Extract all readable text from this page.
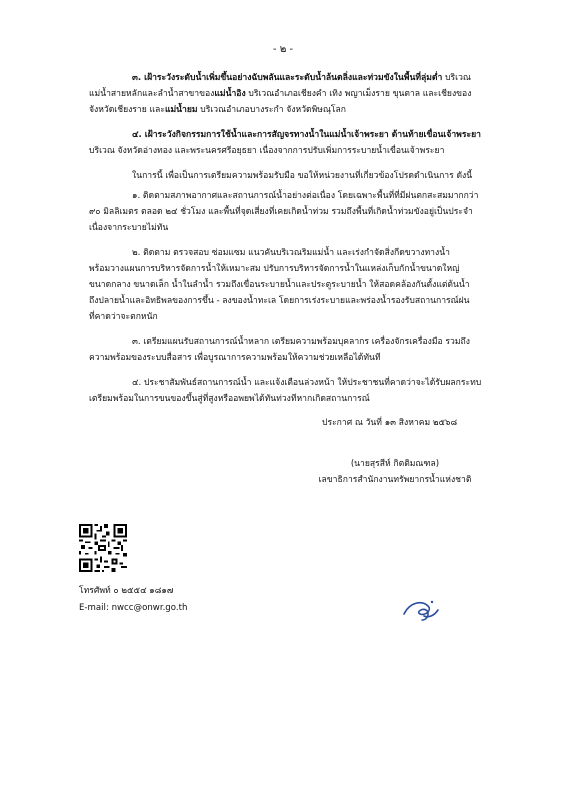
- ๒ -
๓. เฝ้าระวังระดับน้ำเพิ่มขึ้นอย่างฉับพลันและระดับน้ำล้นตลิ่งและท่วมขังในพื้นที่ลุ่มต่ำ บริเวณ
แม่น้ำสายหลักและลำน้ำสาขาของแม่น้ำอิง บริเวณอำเภอเชียงคำ เทิง พญาเม็งราย ขุนตาล และเชียงของ
จังหวัดเชียงราย และแม่น้ำยม บริเวณอำเภอบางระกำ จังหวัดพิษณุโลก
๔. เฝ้าระวังกิจกรรมการใช้น้ำและการสัญจรทางน้ำในแม่น้ำเจ้าพระยา ด้านท้ายเขื่อนเจ้าพระยา
บริเวณ จังหวัดอ่างทอง และพระนครศรีอยุธยา เนื่องจากการปรับเพิ่มการระบายน้ำเขื่อนเจ้าพระยา
ในการนี้ เพื่อเป็นการเตรียมความพร้อมรับมือ ขอให้หน่วยงานที่เกี่ยวข้องโปรดดำเนินการ ดังนี้
๑. ติดตามสภาพอากาศและสถานการณ์น้ำอย่างต่อเนื่อง โดยเฉพาะพื้นที่ที่มีฝนตกสะสมมากกว่า
๙๐ มิลลิเมตร ตลอด ๒๔ ชั่วโมง และพื้นที่จุดเสี่ยงที่เคยเกิดน้ำท่วม รวมถึงพื้นที่เกิดน้ำท่วมขังอยู่เป็นประจำ
เนื่องจากระบายไม่ทัน
๒. ติดตาม ตรวจสอบ ซ่อมแซม แนวคันบริเวณริมแม่น้ำ และเร่งกำจัดสิ่งกีดขวางทางน้ำ
พร้อมวางแผนการบริหารจัดการน้ำให้เหมาะสม ปรับการบริหารจัดการน้ำในแหล่งเก็บกักน้ำขนาดใหญ่
ขนาดกลาง ขนาดเล็ก น้ำในลำน้ำ รวมถึงเขื่อนระบายน้ำและประตูระบายน้ำ ให้สอดคล้องกันตั้งแต่ต้นน้ำ
ถึงปลายน้ำและอิทธิพลของการขึ้น - ลงของน้ำทะเล โดยการเร่งระบายและพร่องน้ำรองรับสถานการณ์ฝน
ที่คาดว่าจะตกหนัก
๓. เตรียมแผนรับสถานการณ์น้ำหลาก เตรียมความพร้อมบุคลากร เครื่องจักรเครื่องมือ รวมถึง
ความพร้อมของระบบสื่อสาร เพื่อบูรณาการความพร้อมให้ความช่วยเหลือได้ทันที
๔. ประชาสัมพันธ์สถานการณ์น้ำ และแจ้งเตือนล่วงหน้า ให้ประชาชนที่คาดว่าจะได้รับผลกระทบ
เตรียมพร้อมในการขนของขึ้นสู่ที่สูงหรืออพยพได้ทันท่วงทีหากเกิดสถานการณ์
ประกาศ ณ วันที่ ๑๓ สิงหาคม ๒๕๖๘
(นายสุรสีห์ กิตติมณฑล)
เลขาธิการสำนักงานทรัพยากรน้ำแห่งชาติ
โทรศัพท์ ๐ ๒๕๕๔ ๑๘๑๗
E-mail: nwcc@onwr.go.th
